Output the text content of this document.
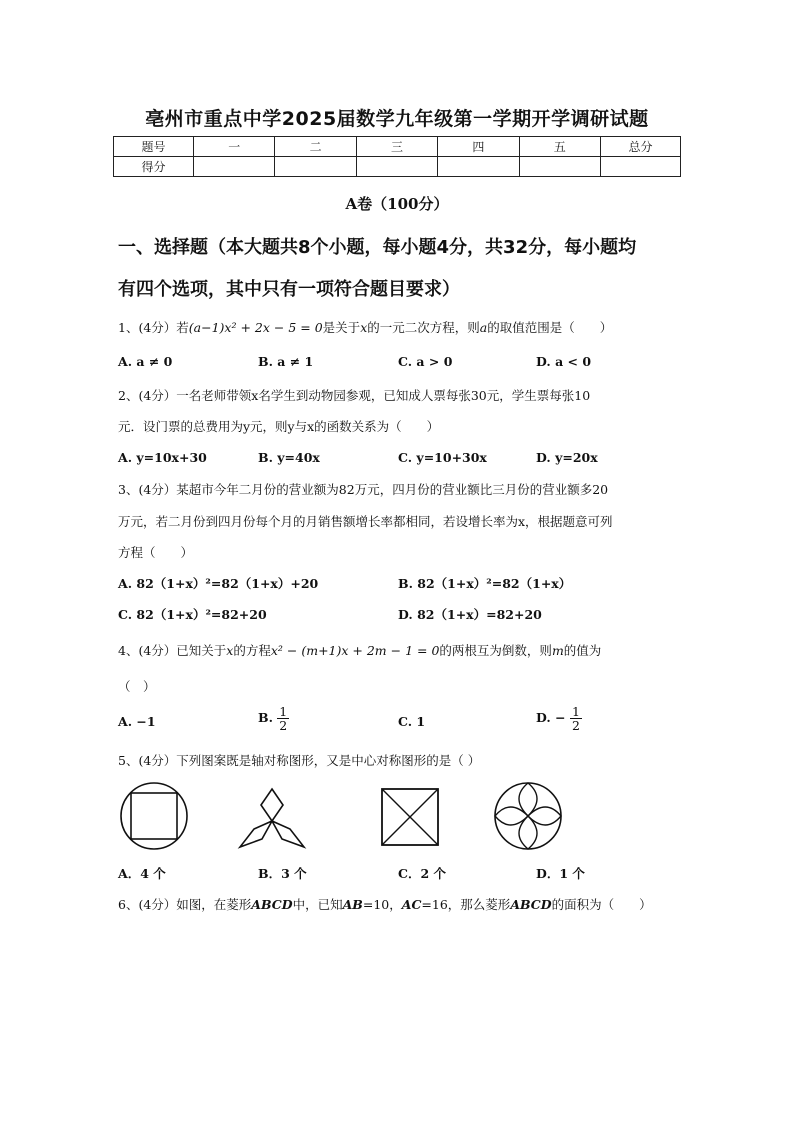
亳州市重点中学2025届数学九年级第一学期开学调研试题
题号	一	二	三	四	五	总分
得分						
A卷（100分）
一、选择题（本大题共8个小题，每小题4分，共32分，每小题均
有四个选项，其中只有一项符合题目要求）
1、(4分）若(a−1)x² + 2x − 5 = 0是关于x的一元二次方程，则a的取值范围是（　　）
A. a ≠ 0	B. a ≠ 1	C. a > 0	D. a < 0
2、(4分）一名老师带领x名学生到动物园参观，已知成人票每张30元，学生票每张10
元．设门票的总费用为y元，则y与x的函数关系为（　　）
A. y=10x+30	B. y=40x	C. y=10+30x	D. y=20x
3、(4分）某超市今年二月份的营业额为82万元，四月份的营业额比三月份的营业额多20
万元，若二月份到四月份每个月的月销售额增长率都相同，若设增长率为x，根据题意可列
方程（　　）
A. 82（1+x）²=82（1+x）+20	B. 82（1+x）²=82（1+x）
C. 82（1+x）²=82+20	D. 82（1+x）=82+20
4、(4分）已知关于x的方程x² − (m+1)x + 2m − 1 = 0的两根互为倒数，则m的值为
（　）
A. −1	B. $\frac{1}{2}$	C. 1	D. − $\frac{1}{2}$
5、(4分）下列图案既是轴对称图形，又是中心对称图形的是（ ）
A．4 个	B．3 个	C．2 个	D．1 个
6、(4分）如图，在菱形ABCD中，已知AB=10，AC=16，那么菱形ABCD的面积为（　　）
